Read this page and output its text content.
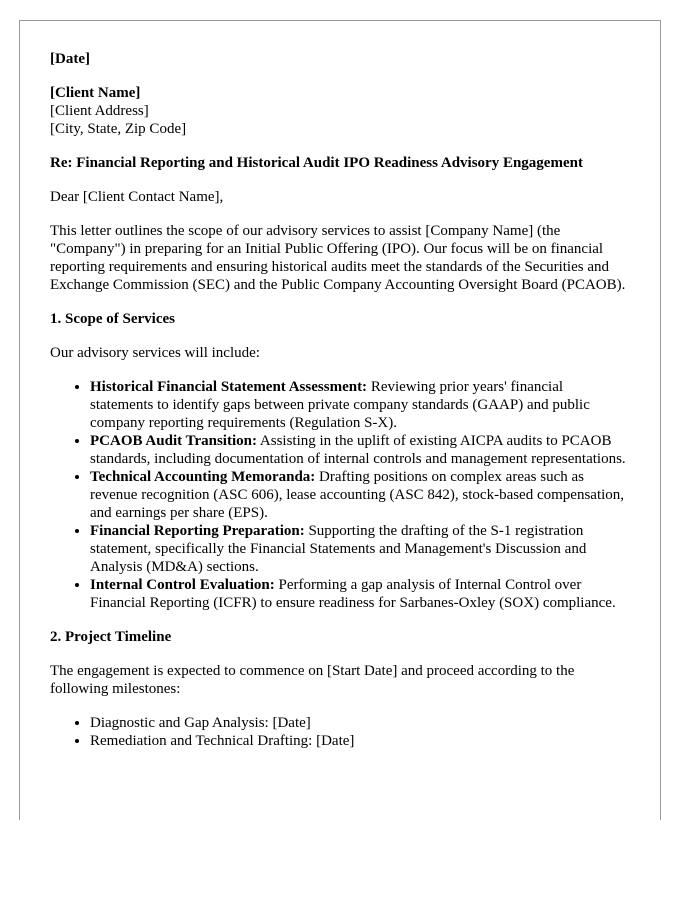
[Date]
[Client Name]
[Client Address]
[City, State, Zip Code]

Re: Financial Reporting and Historical Audit IPO Readiness Advisory Engagement

Dear [Client Contact Name],

This letter outlines the scope of our advisory services to assist [Company Name] (the "Company") in preparing for an Initial Public Offering (IPO). Our focus will be on financial reporting requirements and ensuring historical audits meet the standards of the Securities and Exchange Commission (SEC) and the Public Company Accounting Oversight Board (PCAOB).

1. Scope of Services

Our advisory services will include:

• Historical Financial Statement Assessment: Reviewing prior years' financial statements to identify gaps between private company standards (GAAP) and public company reporting requirements (Regulation S-X).
• PCAOB Audit Transition: Assisting in the uplift of existing AICPA audits to PCAOB standards, including documentation of internal controls and management representations.
• Technical Accounting Memoranda: Drafting positions on complex areas such as revenue recognition (ASC 606), lease accounting (ASC 842), stock-based compensation, and earnings per share (EPS).
• Financial Reporting Preparation: Supporting the drafting of the S-1 registration statement, specifically the Financial Statements and Management's Discussion and Analysis (MD&A) sections.
• Internal Control Evaluation: Performing a gap analysis of Internal Control over Financial Reporting (ICFR) to ensure readiness for Sarbanes-Oxley (SOX) compliance.

2. Project Timeline

The engagement is expected to commence on [Start Date] and proceed according to the following milestones:

• Diagnostic and Gap Analysis: [Date]
• Remediation and Technical Drafting: [Date]
